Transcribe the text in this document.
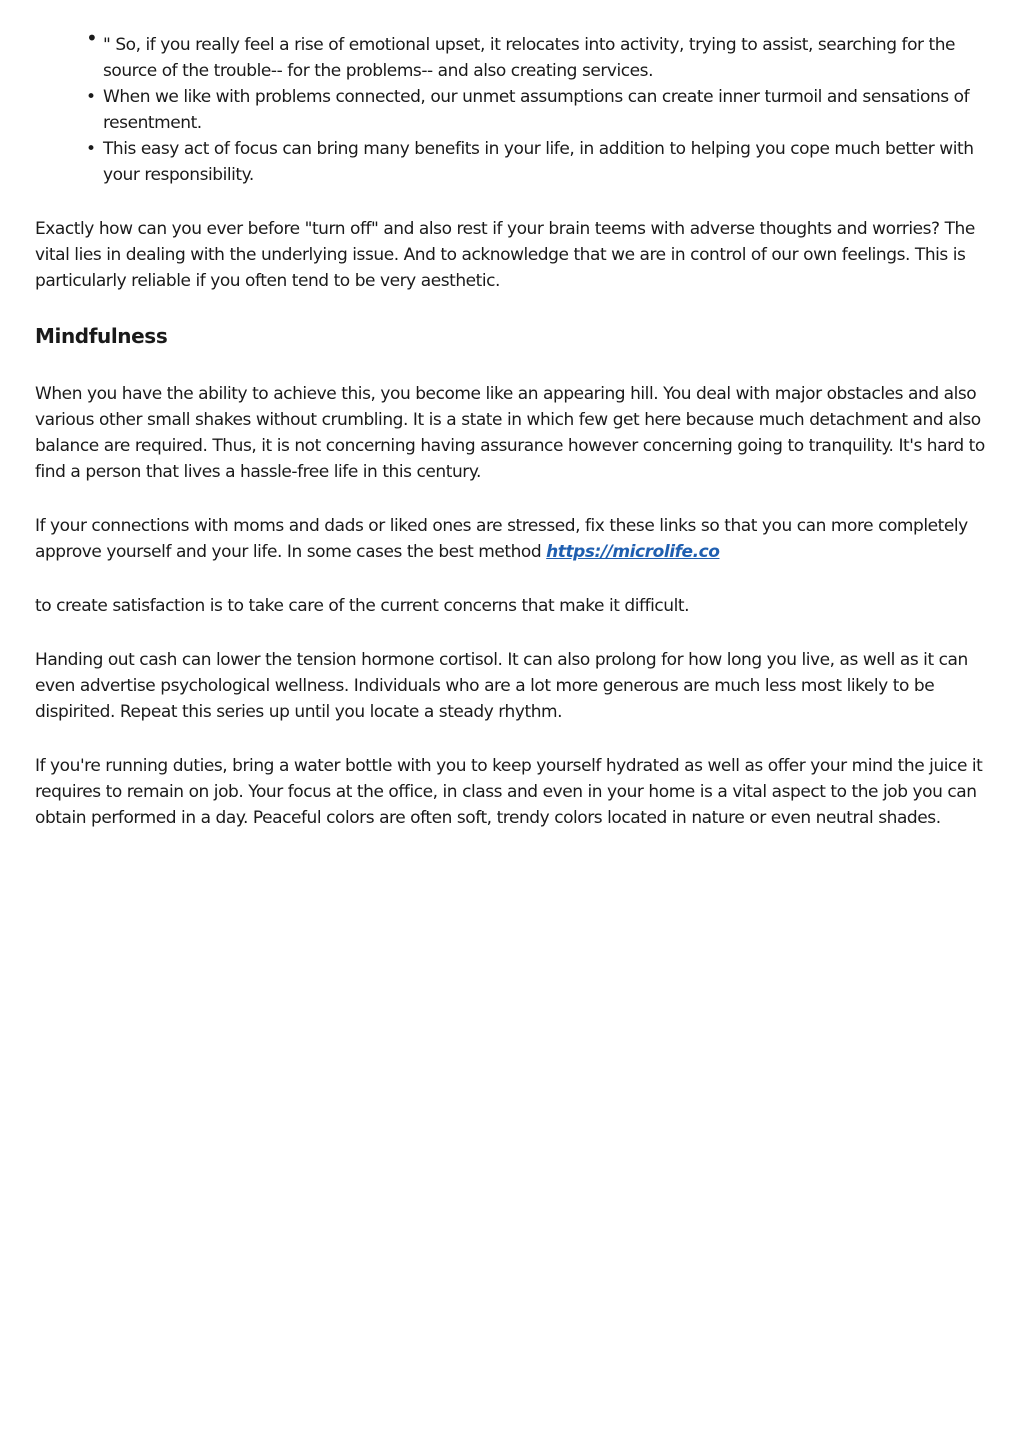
• " So, if you really feel a rise of emotional upset, it relocates into activity, trying to assist, searching for the source of the trouble-- for the problems-- and also creating services.
• When we like with problems connected, our unmet assumptions can create inner turmoil and sensations of resentment.
• This easy act of focus can bring many benefits in your life, in addition to helping you cope much better with your responsibility.

Exactly how can you ever before "turn off" and also rest if your brain teems with adverse thoughts and worries? The vital lies in dealing with the underlying issue. And to acknowledge that we are in control of our own feelings. This is particularly reliable if you often tend to be very aesthetic.

Mindfulness

When you have the ability to achieve this, you become like an appearing hill. You deal with major obstacles and also various other small shakes without crumbling. It is a state in which few get here because much detachment and also balance are required. Thus, it is not concerning having assurance however concerning going to tranquility. It's hard to find a person that lives a hassle-free life in this century.

If your connections with moms and dads or liked ones are stressed, fix these links so that you can more completely approve yourself and your life. In some cases the best method https://microlife.co

to create satisfaction is to take care of the current concerns that make it difficult.

Handing out cash can lower the tension hormone cortisol. It can also prolong for how long you live, as well as it can even advertise psychological wellness. Individuals who are a lot more generous are much less most likely to be dispirited. Repeat this series up until you locate a steady rhythm.

If you're running duties, bring a water bottle with you to keep yourself hydrated as well as offer your mind the juice it requires to remain on job. Your focus at the office, in class and even in your home is a vital aspect to the job you can obtain performed in a day. Peaceful colors are often soft, trendy colors located in nature or even neutral shades.
